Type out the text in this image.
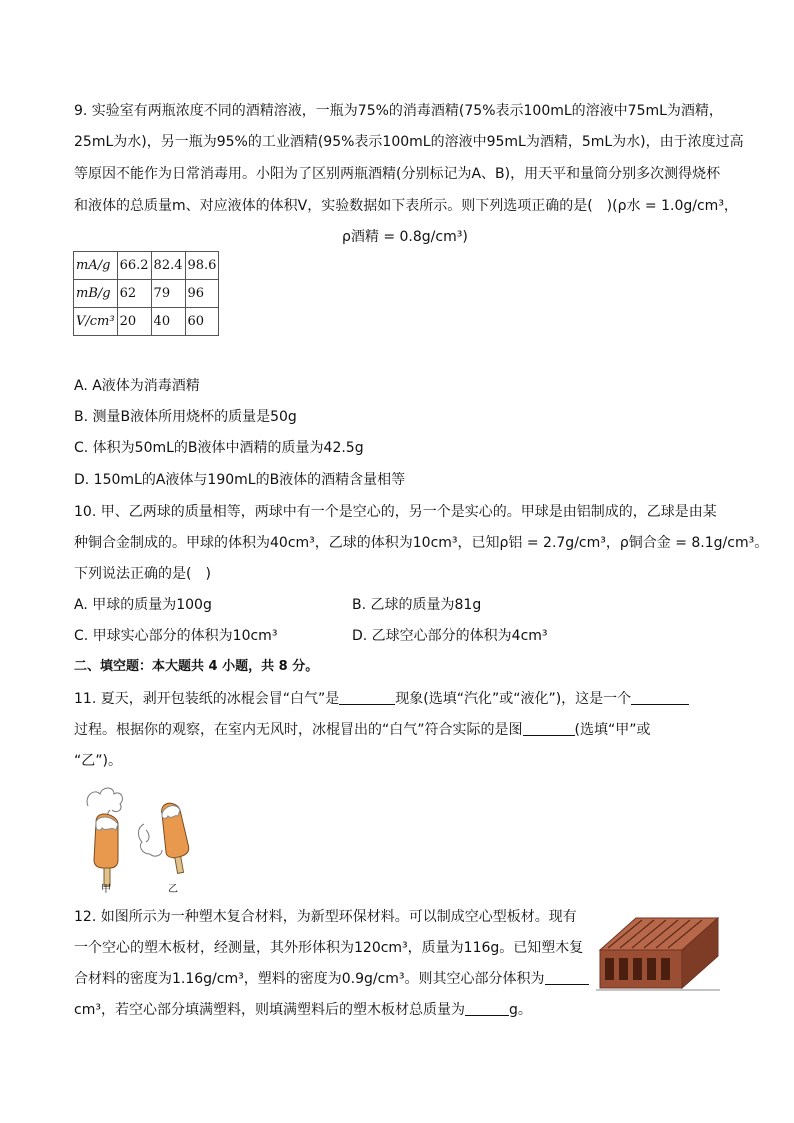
9. 实验室有两瓶浓度不同的酒精溶液，一瓶为75%的消毒酒精(75%表示100mL的溶液中75mL为酒精，
25mL为水)，另一瓶为95%的工业酒精(95%表示100mL的溶液中95mL为酒精，5mL为水)，由于浓度过高
等原因不能作为日常消毒用。小阳为了区别两瓶酒精(分别标记为A、B)，用天平和量筒分别多次测得烧杯
和液体的总质量m、对应液体的体积V，实验数据如下表所示。则下列选项正确的是(　)(ρ水 = 1.0g/cm³，
ρ酒精 = 0.8g/cm³)
mA/g	66.2	82.4	98.6
mB/g	62	79	96
V/cm³	20	40	60
A. A液体为消毒酒精
B. 测量B液体所用烧杯的质量是50g
C. 体积为50mL的B液体中酒精的质量为42.5g
D. 150mL的A液体与190mL的B液体的酒精含量相等
10. 甲、乙两球的质量相等，两球中有一个是空心的，另一个是实心的。甲球是由铝制成的，乙球是由某
种铜合金制成的。甲球的体积为40cm³，乙球的体积为10cm³，已知ρ铝 = 2.7g/cm³，ρ铜合金 = 8.1g/cm³。
下列说法正确的是(　)
A. 甲球的质量为100g	B. 乙球的质量为81g
C. 甲球实心部分的体积为10cm³	D. 乙球空心部分的体积为4cm³
二、填空题：本大题共 4 小题，共 8 分。
11. 夏天，剥开包装纸的冰棍会冒“白气”是	现象(选填“汽化”或“液化”)，这是一个
过程。根据你的观察，在室内无风时，冰棍冒出的“白气”符合实际的是图	(选填“甲”或
“乙”)。
甲	乙
12. 如图所示为一种塑木复合材料，为新型环保材料。可以制成空心型板材。现有
一个空心的塑木板材，经测量，其外形体积为120cm³，质量为116g。已知塑木复
合材料的密度为1.16g/cm³，塑料的密度为0.9g/cm³。则其空心部分体积为
cm³，若空心部分填满塑料，则填满塑料后的塑木板材总质量为	g。
